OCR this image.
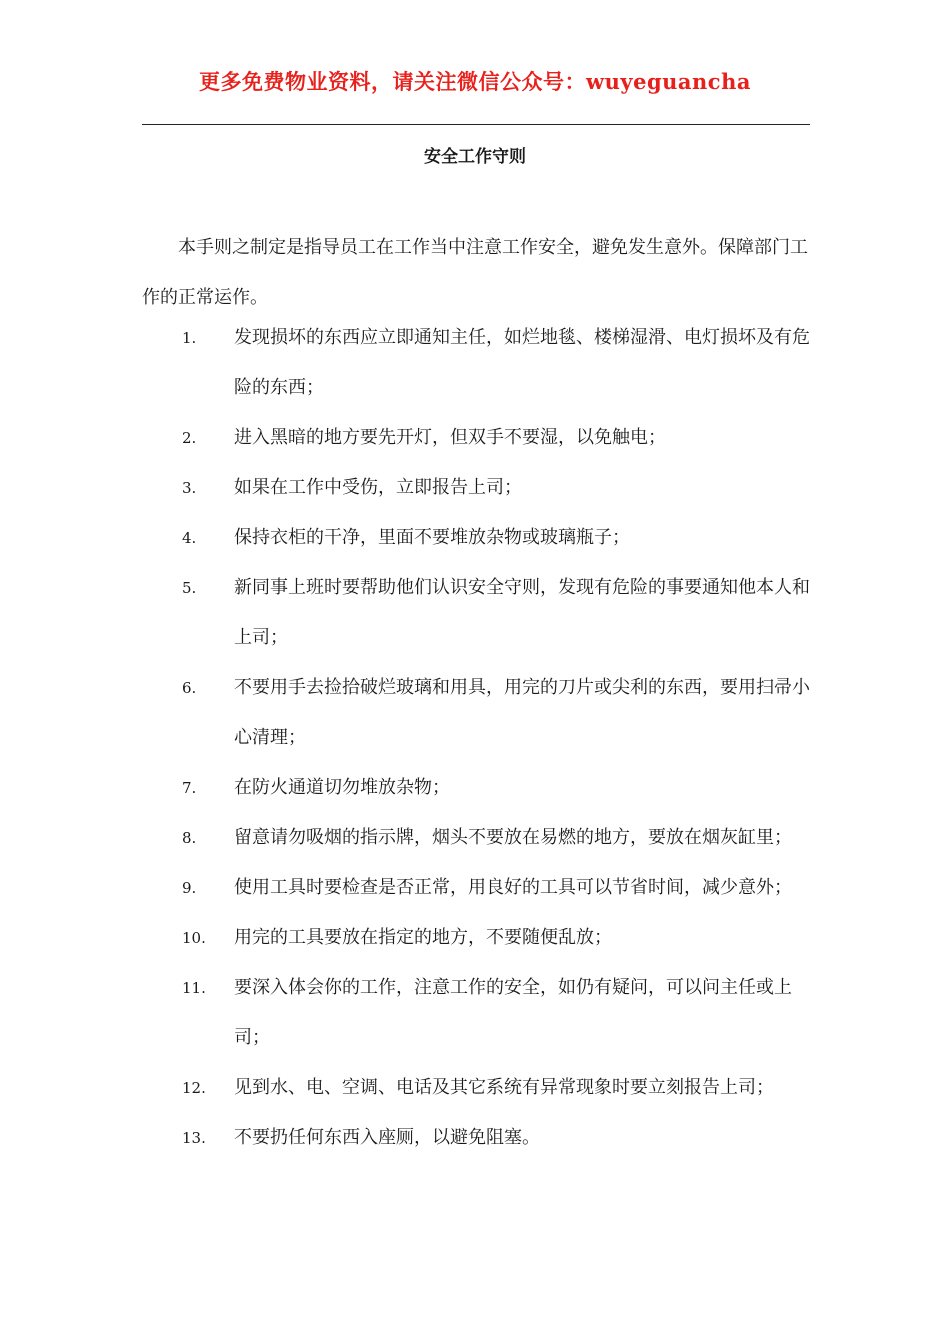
更多免费物业资料，请关注微信公众号：wuyeguancha
安全工作守则

本手则之制定是指导员工在工作当中注意工作安全，避免发生意外。保障部门工作的正常运作。

1.	发现损坏的东西应立即通知主任，如烂地毯、楼梯湿滑、电灯损坏及有危险的东西；
2.	进入黑暗的地方要先开灯，但双手不要湿，以免触电；
3.	如果在工作中受伤，立即报告上司；
4.	保持衣柜的干净，里面不要堆放杂物或玻璃瓶子；
5.	新同事上班时要帮助他们认识安全守则，发现有危险的事要通知他本人和上司；
6.	不要用手去捡拾破烂玻璃和用具，用完的刀片或尖利的东西，要用扫帚小心清理；
7.	在防火通道切勿堆放杂物；
8.	留意请勿吸烟的指示牌，烟头不要放在易燃的地方，要放在烟灰缸里；
9.	使用工具时要检查是否正常，用良好的工具可以节省时间，减少意外；
10.	用完的工具要放在指定的地方，不要随便乱放；
11.	要深入体会你的工作，注意工作的安全，如仍有疑问，可以问主任或上司；
12.	见到水、电、空调、电话及其它系统有异常现象时要立刻报告上司；
13.	不要扔任何东西入座厕，以避免阻塞。
